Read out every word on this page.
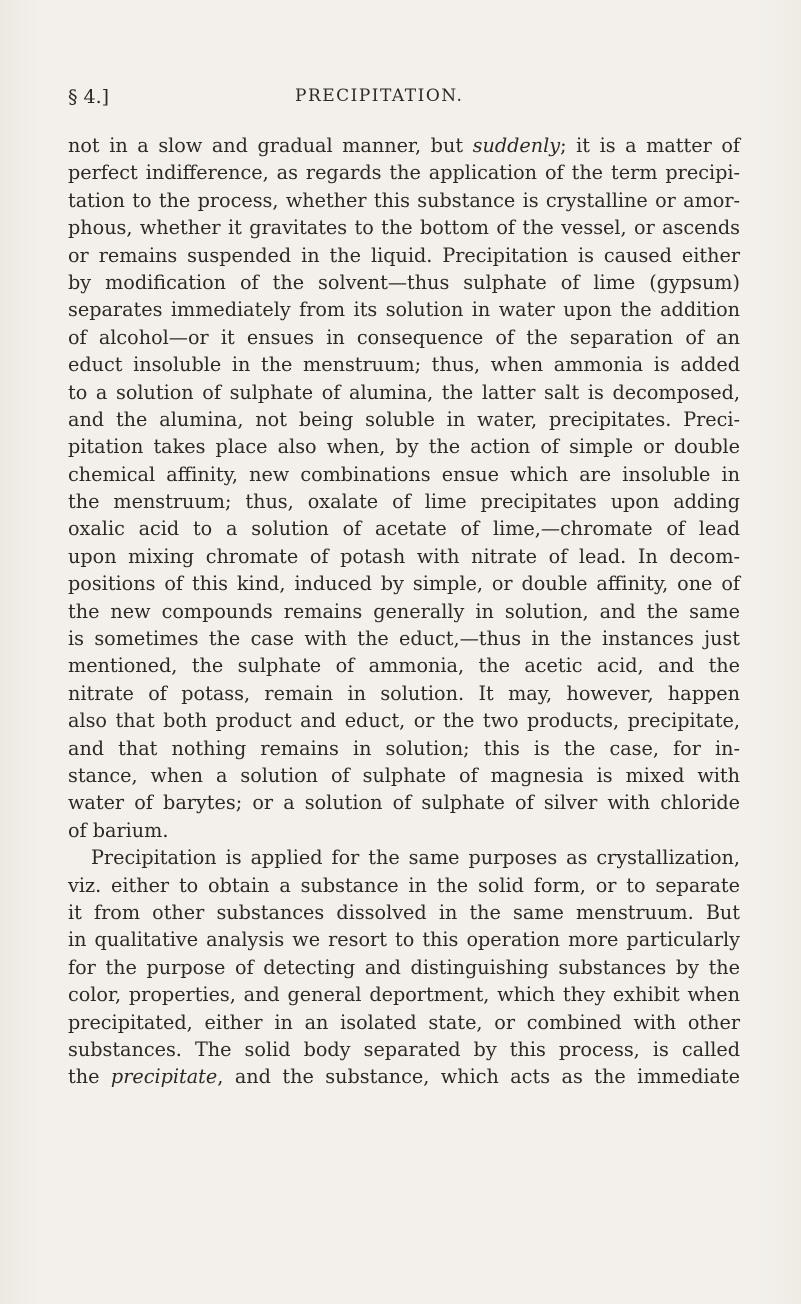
§ 4.]	PRECIPITATION.
not in a slow and gradual manner, but suddenly; it is a matter of
perfect indifference, as regards the application of the term precipi-
tation to the process, whether this substance is crystalline or amor-
phous, whether it gravitates to the bottom of the vessel, or ascends
or remains suspended in the liquid. Precipitation is caused either
by modification of the solvent—thus sulphate of lime (gypsum)
separates immediately from its solution in water upon the addition
of alcohol—or it ensues in consequence of the separation of an
educt insoluble in the menstruum; thus, when ammonia is added
to a solution of sulphate of alumina, the latter salt is decomposed,
and the alumina, not being soluble in water, precipitates. Preci-
pitation takes place also when, by the action of simple or double
chemical affinity, new combinations ensue which are insoluble in
the menstruum; thus, oxalate of lime precipitates upon adding
oxalic acid to a solution of acetate of lime,—chromate of lead
upon mixing chromate of potash with nitrate of lead. In decom-
positions of this kind, induced by simple, or double affinity, one of
the new compounds remains generally in solution, and the same
is sometimes the case with the educt,—thus in the instances just
mentioned, the sulphate of ammonia, the acetic acid, and the
nitrate of potass, remain in solution. It may, however, happen
also that both product and educt, or the two products, precipitate,
and that nothing remains in solution; this is the case, for in-
stance, when a solution of sulphate of magnesia is mixed with
water of barytes; or a solution of sulphate of silver with chloride
of barium.
Precipitation is applied for the same purposes as crystallization,
viz. either to obtain a substance in the solid form, or to separate
it from other substances dissolved in the same menstruum. But
in qualitative analysis we resort to this operation more particularly
for the purpose of detecting and distinguishing substances by the
color, properties, and general deportment, which they exhibit when
precipitated, either in an isolated state, or combined with other
substances. The solid body separated by this process, is called
the precipitate, and the substance, which acts as the immediate
